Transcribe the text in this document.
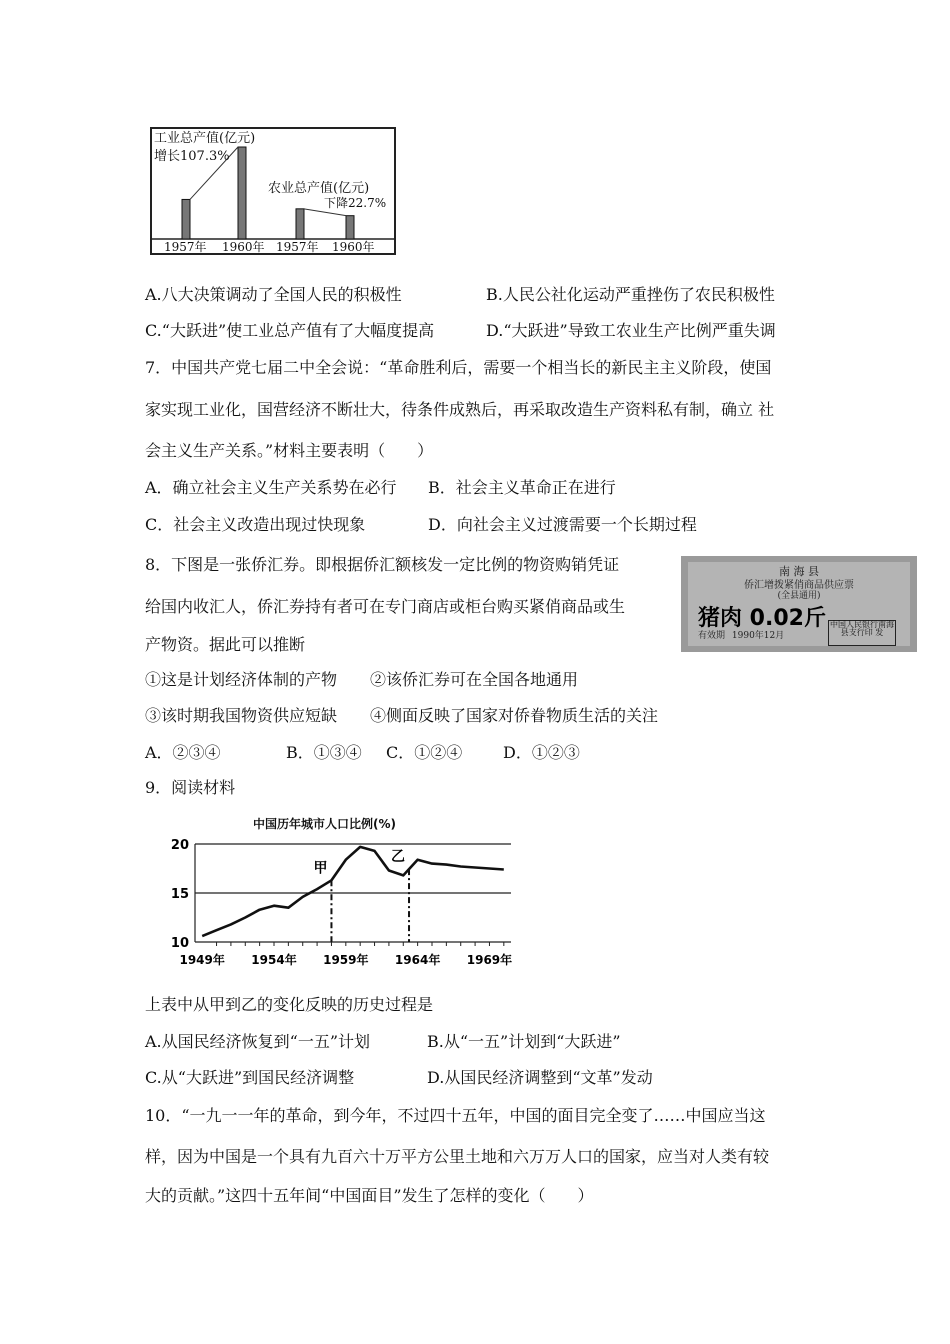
工业总产值(亿元)
增长107.3%
农业总产值(亿元)
下降22.7%
1957年 1960年 1957年 1960年
A.八大决策调动了全国人民的积极性	B.人民公社化运动严重挫伤了农民积极性
C.“大跃进”使工业总产值有了大幅度提高	D.“大跃进”导致工农业生产比例严重失调
7．中国共产党七届二中全会说：“革命胜利后，需要一个相当长的新民主主义阶段，使国
家实现工业化，国营经济不断壮大，待条件成熟后，再采取改造生产资料私有制，确立 社
会主义生产关系。”材料主要表明（　　）
A．确立社会主义生产关系势在必行 B．社会主义革命正在进行
C．社会主义改造出现过快现象	D．向社会主义过渡需要一个长期过程
8．下图是一张侨汇券。即根据侨汇额核发一定比例的物资购销凭证
给国内收汇人，侨汇券持有者可在专门商店或柜台购买紧俏商品或生
产物资。据此可以推断
南 海 县
侨汇增拨紧俏商品供应票
(全县通用)
猪肉 0.02斤
有效期 1990年12月
中国人民银行南海县支行印 发
①这是计划经济体制的产物 ②该侨汇券可在全国各地通用
③该时期我国物资供应短缺 ④侧面反映了国家对侨眷物质生活的关注
A．②③④	B．①③④ C．①②④	D．①②③
9．阅读材料
10
15
20
1949年 1954年 1959年 1964年 1969年
甲
乙
中国历年城市人口比例(%)
上表中从甲到乙的变化反映的历史过程是
A.从国民经济恢复到“一五”计划	B.从“一五”计划到“大跃进”
C.从“大跃进”到国民经济调整	D.从国民经济调整到“文革”发动
10．“一九一一年的革命，到今年，不过四十五年，中国的面目完全变了……中国应当这
样，因为中国是一个具有九百六十万平方公里土地和六万万人口的国家，应当对人类有较
大的贡献。”这四十五年间“中国面目”发生了怎样的变化（　　）
